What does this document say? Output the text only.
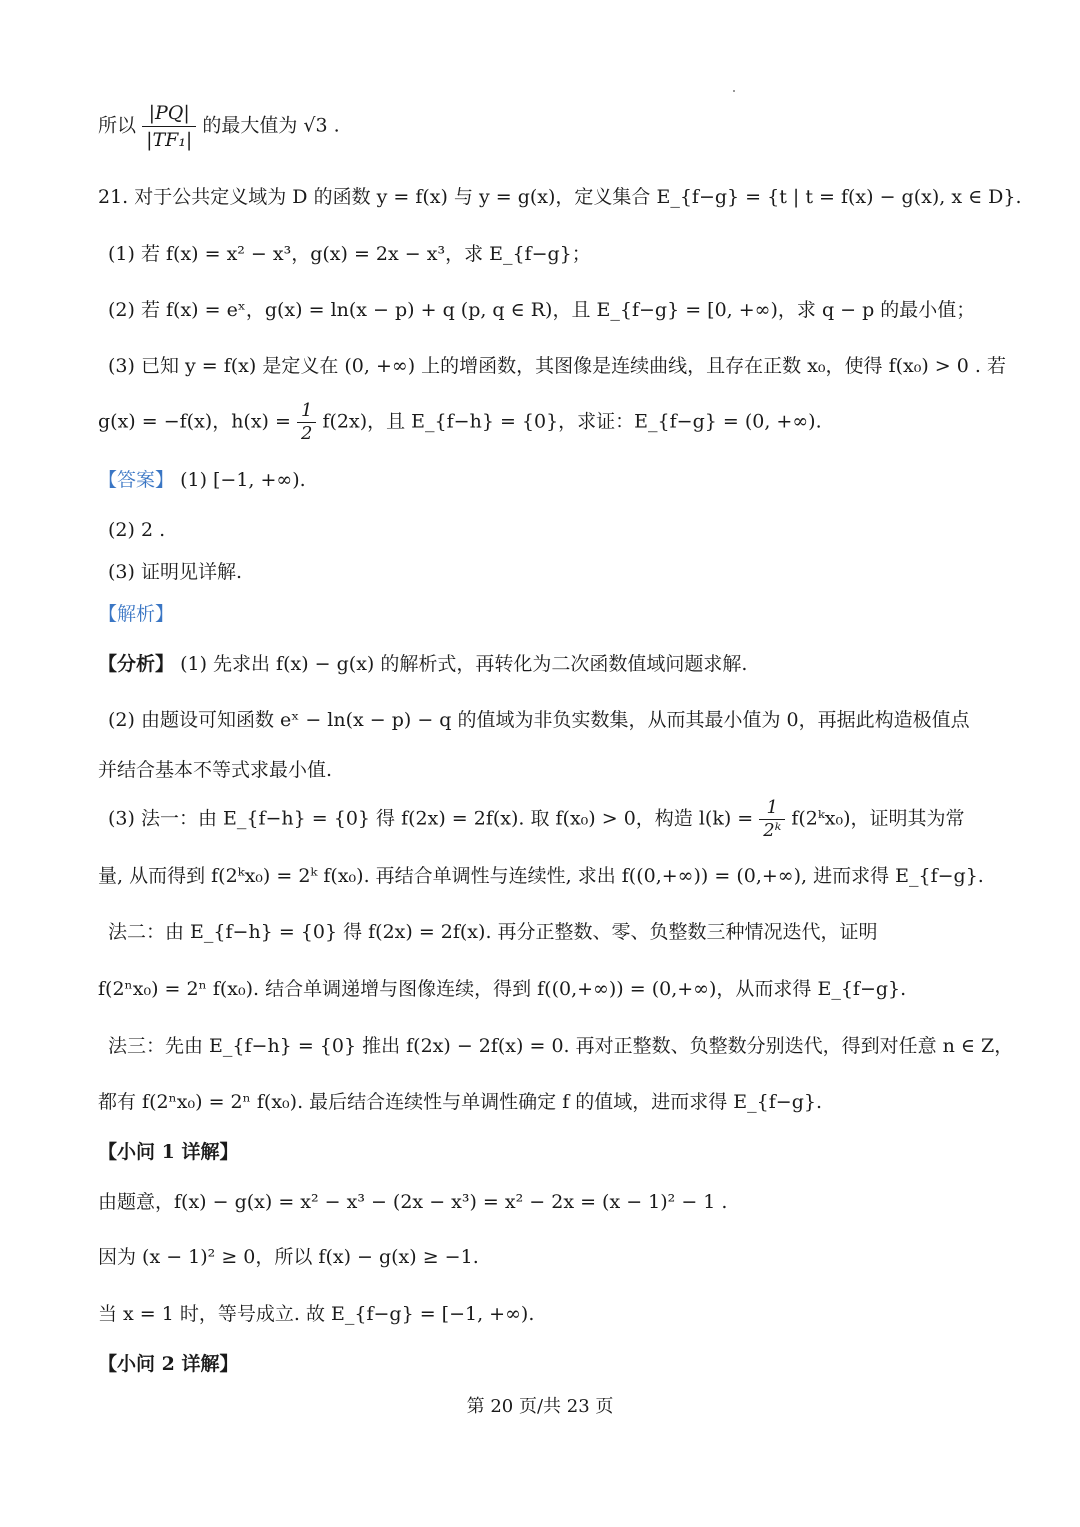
所以 $\frac{|PQ|}{\text{|TF₁|}}$ 的最大值为 √3 .
21. 对于公共定义域为 D 的函数 y = f(x) 与 y = g(x)，定义集合 E_{f−g} = {t | t = f(x) − g(x), x ∈ D}.
(1) 若 f(x) = x² − x³，g(x) = 2x − x³，求 E_{f−g}；
(2) 若 f(x) = eˣ，g(x) = ln(x − p) + q (p, q ∈ R)，且 E_{f−g} = [0, +∞)，求 q − p 的最小值；
(3) 已知 y = f(x) 是定义在 (0, +∞) 上的增函数，其图像是连续曲线，且存在正数 x₀，使得 f(x₀) > 0 . 若
g(x) = −f(x)，$h(x) = \frac{1}{2} f(2x)$，且 E_{f−h} = {0}，求证：E_{f−g} = (0, +∞).
【答案】 (1) [−1, +∞).
(2) 2 .
(3) 证明见详解.
【解析】
【分析】 (1) 先求出 f(x) − g(x) 的解析式，再转化为二次函数值域问题求解.
(2) 由题设可知函数 eˣ − ln(x − p) − q 的值域为非负实数集，从而其最小值为 0，再据此构造极值点
并结合基本不等式求最小值.
(3) 法一：由 E_{f−h} = {0} 得 f(2x) = 2f(x). 取 f(x₀) > 0，构造 $l(k) = \frac{1}{\text{2ᵏ}}$ f(2ᵏx₀)，证明其为常
量, 从而得到 f(2ᵏx₀) = 2ᵏ f(x₀). 再结合单调性与连续性, 求出 f((0,+∞)) = (0,+∞), 进而求得 E_{f−g}.
法二：由 E_{f−h} = {0} 得 f(2x) = 2f(x). 再分正整数、零、负整数三种情况迭代，证明
f(2ⁿx₀) = 2ⁿ f(x₀). 结合单调递增与图像连续，得到 f((0,+∞)) = (0,+∞)，从而求得 E_{f−g}.
法三：先由 E_{f−h} = {0} 推出 f(2x) − 2f(x) = 0. 再对正整数、负整数分别迭代，得到对任意 n ∈ Z，
都有 f(2ⁿx₀) = 2ⁿ f(x₀). 最后结合连续性与单调性确定 f 的值域，进而求得 E_{f−g}.
【小问 1 详解】
由题意，f(x) − g(x) = x² − x³ − (2x − x³) = x² − 2x = (x − 1)² − 1 .
因为 (x − 1)² ≥ 0，所以 f(x) − g(x) ≥ −1.
当 x = 1 时，等号成立. 故 E_{f−g} = [−1, +∞).
【小问 2 详解】
第 20 页/共 23 页
